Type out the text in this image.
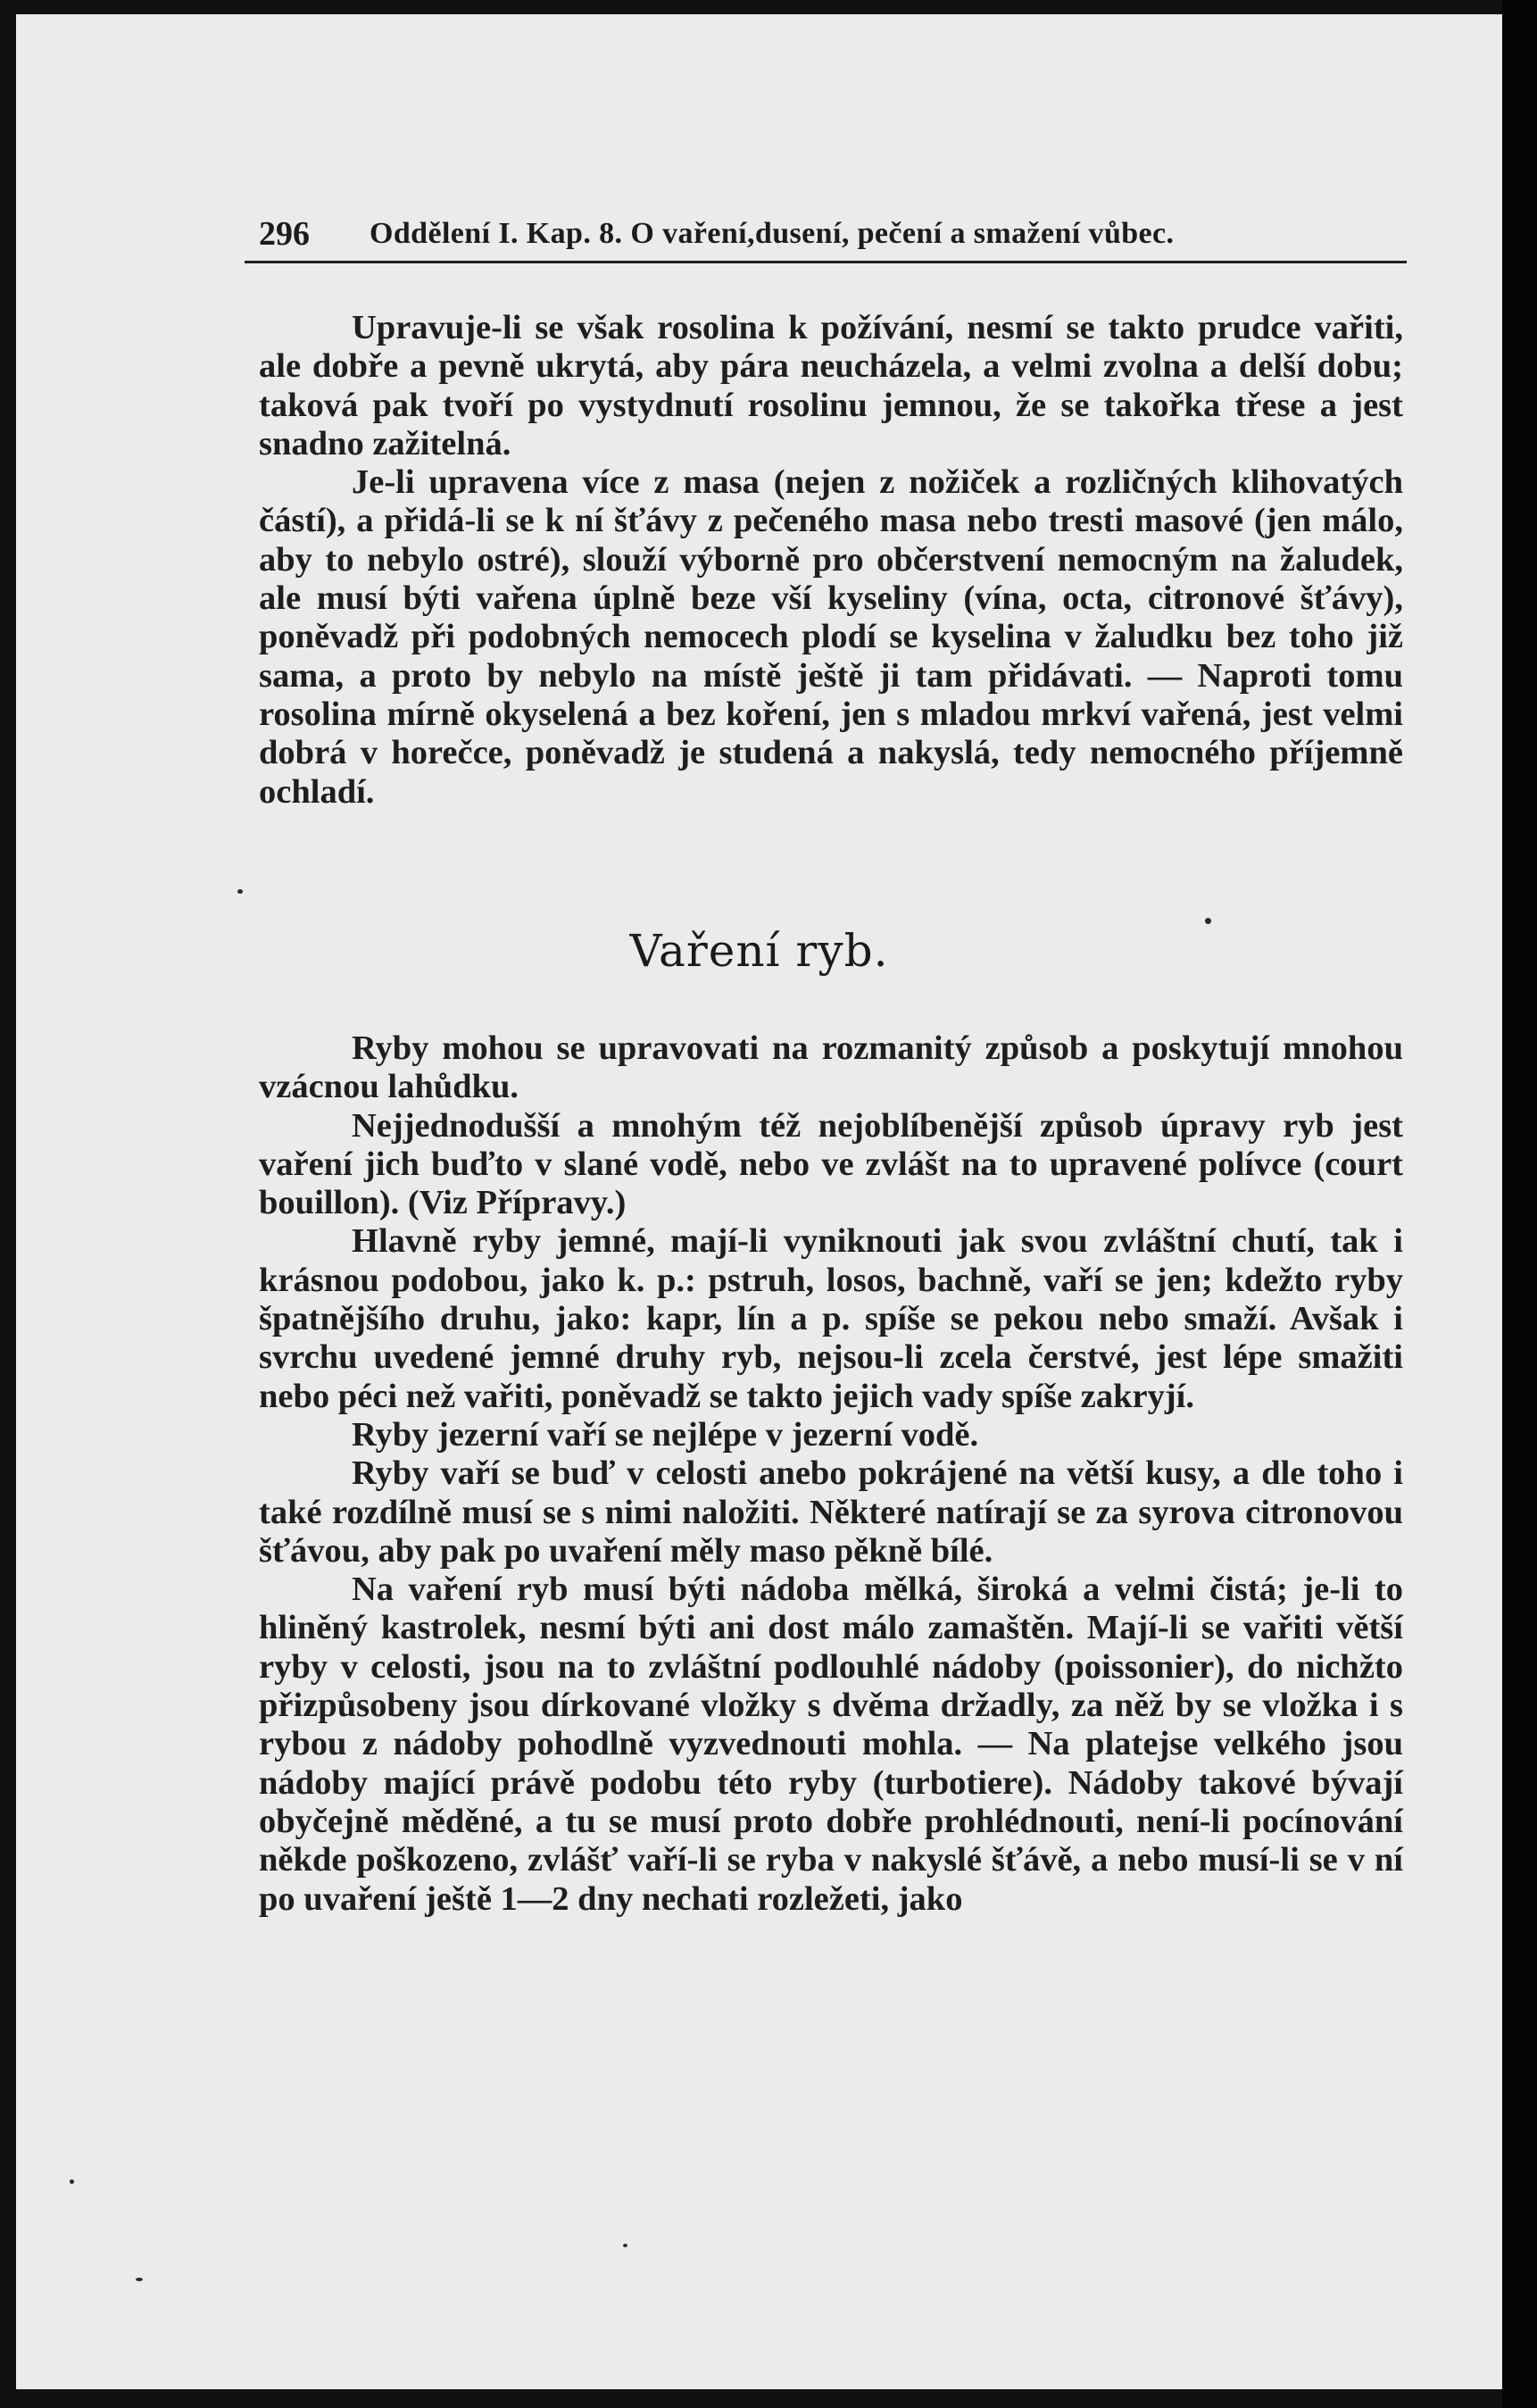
296 Oddělení I. Kap. 8. O vaření,dusení, pečení a smažení vůbec.

Upravuje-li se však rosolina k požívání, nesmí se takto prudce vařiti, ale dobře a pevně ukrytá, aby pára neucházela, a velmi zvolna a delší dobu; taková pak tvoří po vystydnutí rosolinu jemnou, že se takořka třese a jest snadno zažitelná.

Je-li upravena více z masa (nejen z nožiček a rozličných klihovatých částí), a přidá-li se k ní šťávy z pečeného masa nebo tresti masové (jen málo, aby to nebylo ostré), slouží výborně pro občerstvení nemocným na žaludek, ale musí býti vařena úplně beze vší kyseliny (vína, octa, citronové šťávy), poněvadž při podobných nemocech plodí se kyselina v žaludku bez toho již sama, a proto by nebylo na místě ještě ji tam přidávati. — Naproti tomu rosolina mírně okyselená a bez koření, jen s mladou mrkví vařená, jest velmi dobrá v horečce, poněvadž je studená a nakyslá, tedy nemocného příjemně ochladí.

Vaření ryb.

Ryby mohou se upravovati na rozmanitý způsob a poskytují mnohou vzácnou lahůdku.

Nejjednodušší a mnohým též nejoblíbenější způsob úpravy ryb jest vaření jich buďto v slané vodě, nebo ve zvlášt na to upravené polívce (court bouillon). (Viz Přípravy.)

Hlavně ryby jemné, mají-li vyniknouti jak svou zvláštní chutí, tak i krásnou podobou, jako k. p.: pstruh, losos, bachně, vaří se jen; kdežto ryby špatnějšího druhu, jako: kapr, lín a p. spíše se pekou nebo smaží. Avšak i svrchu uvedené jemné druhy ryb, nejsou-li zcela čerstvé, jest lépe smažiti nebo péci než vařiti, poněvadž se takto jejich vady spíše zakryjí.

Ryby jezerní vaří se nejlépe v jezerní vodě.

Ryby vaří se buď v celosti anebo pokrájené na větší kusy, a dle toho i také rozdílně musí se s nimi naložiti. Některé natírají se za syrova citronovou šťávou, aby pak po uvaření měly maso pěkně bílé.

Na vaření ryb musí býti nádoba mělká, široká a velmi čistá; je-li to hliněný kastrolek, nesmí býti ani dost málo zamaštěn. Mají-li se vařiti větší ryby v celosti, jsou na to zvláštní podlouhlé nádoby (poissonier), do nichžto přizpůsobeny jsou dírkované vložky s dvěma držadly, za něž by se vložka i s rybou z nádoby pohodlně vyzvednouti mohla. — Na platejse velkého jsou nádoby mající právě podobu této ryby (turbotiere). Nádoby takové bývají obyčejně měděné, a tu se musí proto dobře prohlédnouti, není-li pocínování někde poškozeno, zvlášť vaří-li se ryba v nakyslé šťávě, a nebo musí-li se v ní po uvaření ještě 1—2 dny nechati rozležeti, jako
